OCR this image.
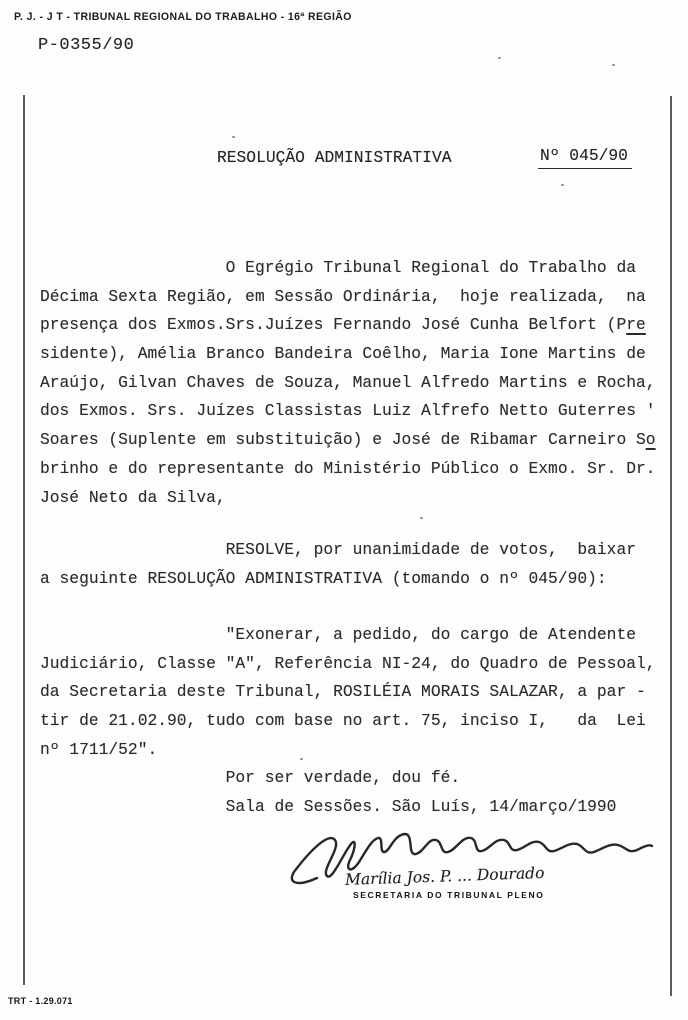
P. J. - J T - TRIBUNAL REGIONAL DO TRABALHO - 16ª REGIÃO
P-0355/90
RESOLUÇÃO ADMINISTRATIVA	Nº 045/90
O Egrégio Tribunal Regional do Trabalho da
Décima Sexta Região, em Sessão Ordinária,  hoje realizada,  na
presença dos Exmos.Srs.Juízes Fernando José Cunha Belfort (Pre
sidente), Amélia Branco Bandeira Coêlho, Maria Ione Martins de
Araújo, Gilvan Chaves de Souza, Manuel Alfredo Martins e Rocha,
dos Exmos. Srs. Juízes Classistas Luiz Alfrefo Netto Guterres '
Soares (Suplente em substituição) e José de Ribamar Carneiro So
brinho e do representante do Ministério Público o Exmo. Sr. Dr.
José Neto da Silva,
RESOLVE, por unanimidade de votos,  baixar
a seguinte RESOLUÇÃO ADMINISTRATIVA (tomando o nº 045/90):
"Exonerar, a pedido, do cargo de Atendente
Judiciário, Classe "A", Referência NI-24, do Quadro de Pessoal,
da Secretaria deste Tribunal, ROSILÉIA MORAIS SALAZAR, a par -
tir de 21.02.90, tudo com base no art. 75, inciso I,   da  Lei
nº 1711/52".
Por ser verdade, dou fé.
Sala de Sessões. São Luís, 14/março/1990
Marília Jos. P. ... Dourado
SECRETARIA DO TRIBUNAL PLENO
TRT - 1.29.071
